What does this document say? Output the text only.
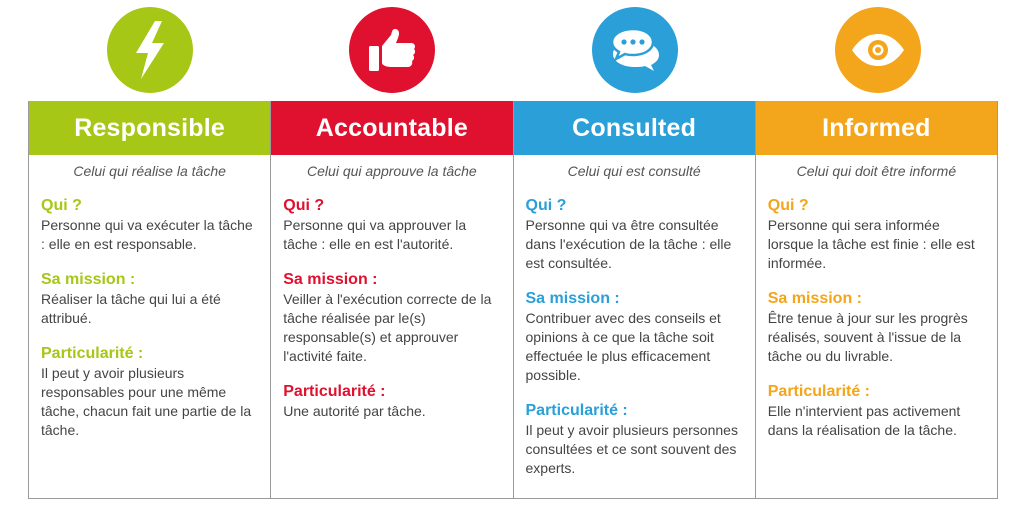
Responsible
Celui qui réalise la tâche
Qui ?
Personne qui va exécuter la tâche : elle en est responsable.
Sa mission :
Réaliser la tâche qui lui a été attribué.
Particularité :
Il peut y avoir plusieurs responsables pour une même tâche, chacun fait une partie de la tâche.
Accountable
Celui qui approuve la tâche
Qui ?
Personne qui va approuver la tâche : elle en est l'autorité.
Sa mission :
Veiller à l'exécution correcte de la tâche réalisée par le(s) responsable(s) et approuver l'activité faite.
Particularité :
Une autorité par tâche.
Consulted
Celui qui est consulté
Qui ?
Personne qui va être consultée dans l'exécution de la tâche : elle est consultée.
Sa mission :
Contribuer avec des conseils et opinions à ce que la tâche soit effectuée le plus efficacement possible.
Particularité :
Il peut y avoir plusieurs personnes consultées et ce sont souvent des experts.
Informed
Celui qui doit être informé
Qui ?
Personne qui sera informée lorsque la tâche est finie : elle est informée.
Sa mission :
Être tenue à jour sur les progrès réalisés, souvent à l'issue de la tâche ou du livrable.
Particularité :
Elle n'intervient pas activement dans la réalisation de la tâche.
